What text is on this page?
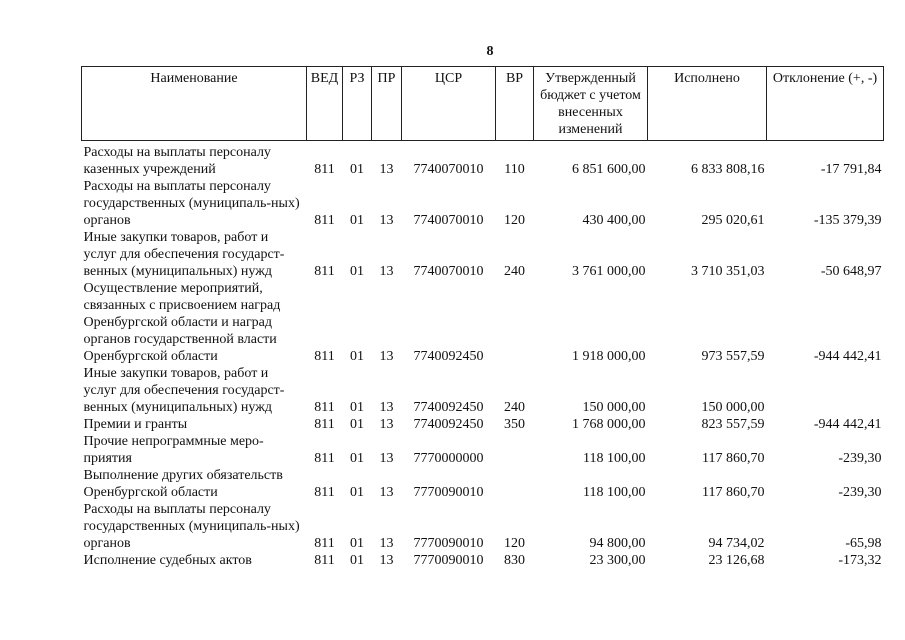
8
Наименование	ВЕД	РЗ	ПР	ЦСР	ВР	Утвержденный бюджет с учетом внесенных изменений	Исполнено	Отклонение (+, -)
Расходы на выплаты персоналу казенных учреждений	811	01	13	7740070010	110	6 851 600,00	6 833 808,16	-17 791,84
Расходы на выплаты персоналу государственных (муниципаль-ных) органов	811	01	13	7740070010	120	430 400,00	295 020,61	-135 379,39
Иные закупки товаров, работ и услуг для обеспечения государст-венных (муниципальных) нужд	811	01	13	7740070010	240	3 761 000,00	3 710 351,03	-50 648,97
Осуществление мероприятий, связанных с присвоением наград Оренбургской области и наград органов государственной власти Оренбургской области	811	01	13	7740092450		1 918 000,00	973 557,59	-944 442,41
Иные закупки товаров, работ и услуг для обеспечения государст-венных (муниципальных) нужд	811	01	13	7740092450	240	150 000,00	150 000,00	
Премии и гранты	811	01	13	7740092450	350	1 768 000,00	823 557,59	-944 442,41
Прочие непрограммные меро-приятия	811	01	13	7770000000		118 100,00	117 860,70	-239,30
Выполнение других обязательств Оренбургской области	811	01	13	7770090010		118 100,00	117 860,70	-239,30
Расходы на выплаты персоналу государственных (муниципаль-ных) органов	811	01	13	7770090010	120	94 800,00	94 734,02	-65,98
Исполнение судебных актов	811	01	13	7770090010	830	23 300,00	23 126,68	-173,32
